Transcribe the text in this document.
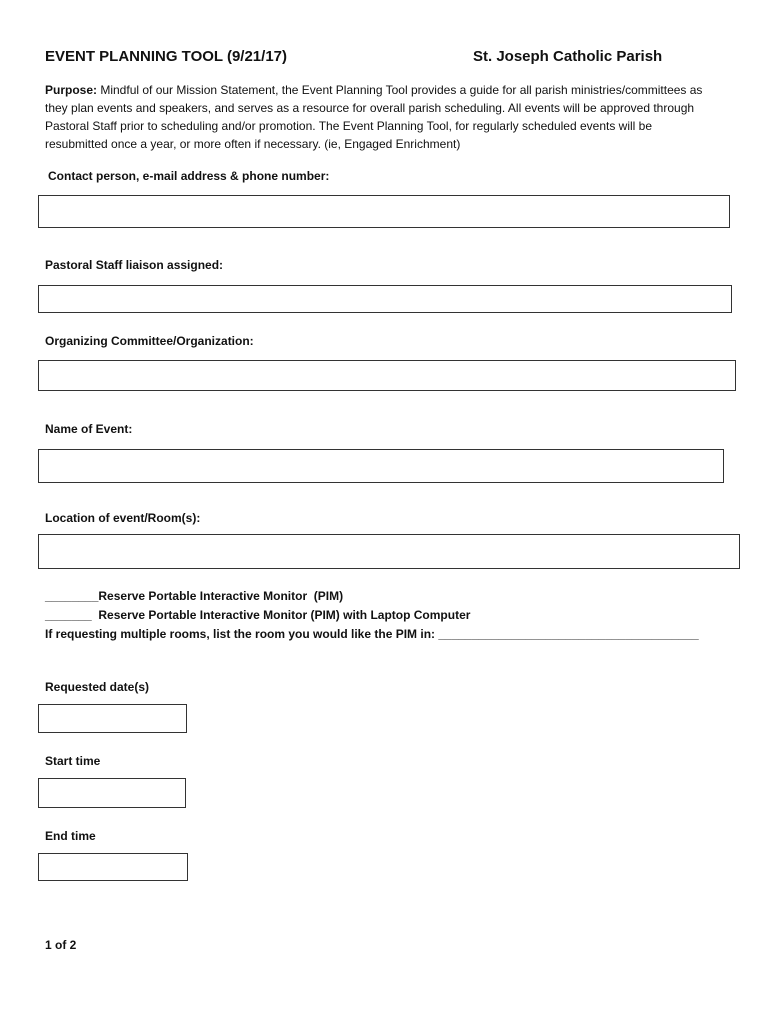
EVENT PLANNING TOOL (9/21/17)	St. Joseph Catholic Parish
Purpose: Mindful of our Mission Statement, the Event Planning Tool provides a guide for all parish ministries/committees as they plan events and speakers, and serves as a resource for overall parish scheduling. All events will be approved through Pastoral Staff prior to scheduling and/or promotion. The Event Planning Tool, for regularly scheduled events will be resubmitted once a year, or more often if necessary. (ie, Engaged Enrichment)
Contact person, e-mail address & phone number:
Pastoral Staff liaison assigned:
Organizing Committee/Organization:
Name of Event:
Location of event/Room(s):
________Reserve Portable Interactive Monitor  (PIM)
_______  Reserve Portable Interactive Monitor (PIM) with Laptop Computer
If requesting multiple rooms, list the room you would like the PIM in: _______________________________________
Requested date(s)
Start time
End time
1 of 2
